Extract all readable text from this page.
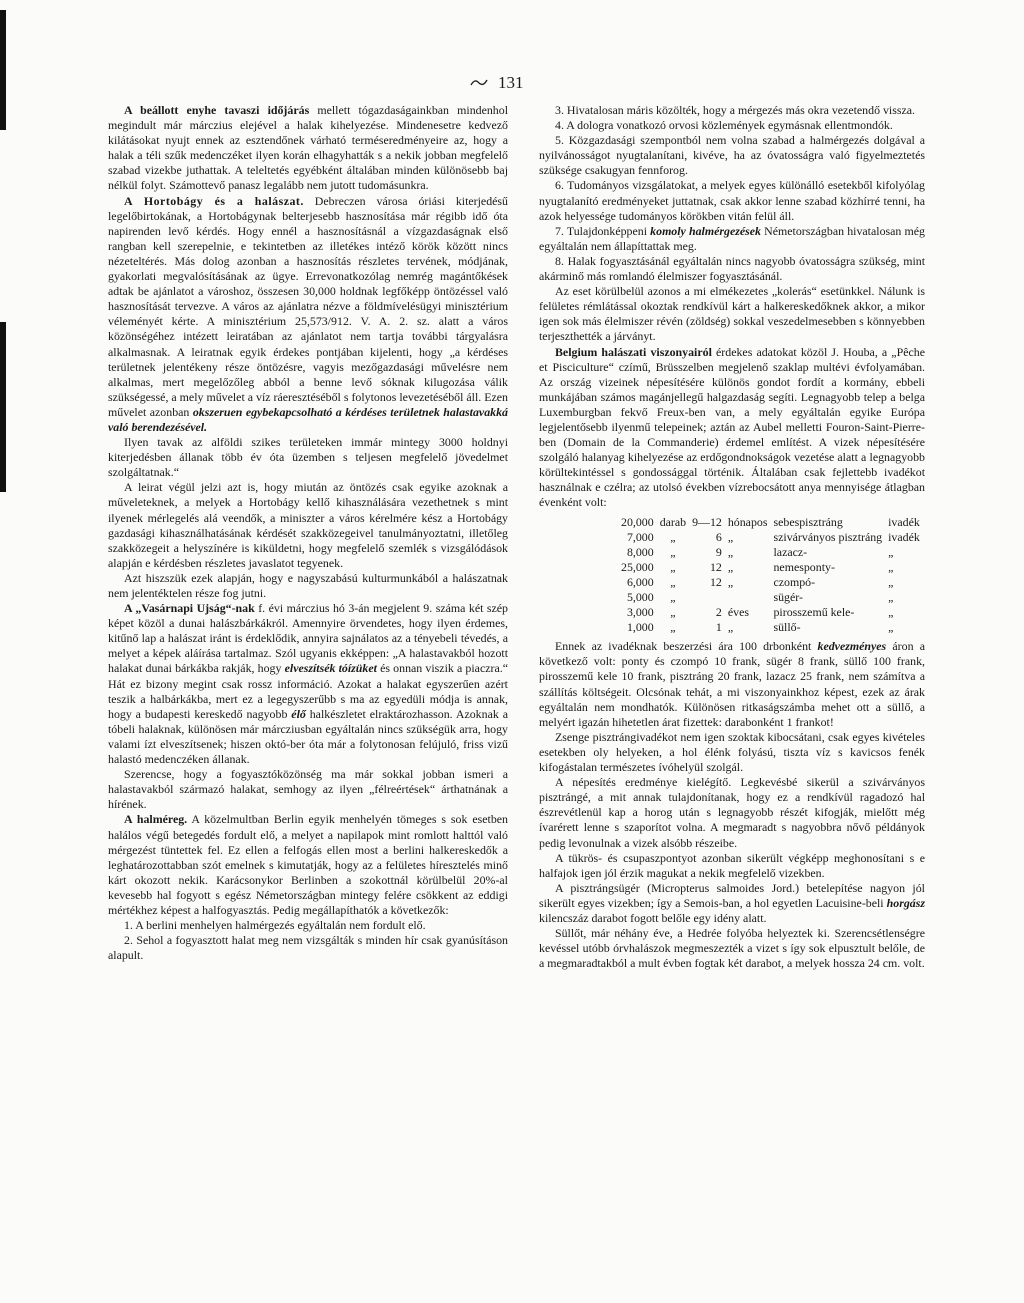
131

A beállott enyhe tavaszi időjárás mellett tógazdaságainkban mindenhol megindult már márczius elejével a halak kihelyezése. Mindenesetre kedvező kilátásokat nyujt ennek az esztendőnek várható terméseredményeire az, hogy a halak a téli szűk medenczéket ilyen korán elhagyhatták s a nekik jobban megfelelő szabad vizekbe juthattak. A teleltetés egyébként általában minden különösebb baj nélkül folyt. Számottevő panasz legalább nem jutott tudomásunkra.

A Hortobágy és a halászat. Debreczen városa óriási kiterjedésű legelőbirtokának, a Hortobágynak belterjesebb hasznosítása már régibb idő óta napirenden levő kérdés. Hogy ennél a hasznosításnál a vízgazdaságnak első rangban kell szerepelnie, e tekintetben az illetékes intéző körök között nincs nézeteltérés. Más dolog azonban a hasznosítás részletes tervének, módjának, gyakorlati megvalósításának az ügye. Errevonatkozólag nemrég magántőkések adtak be ajánlatot a városhoz, összesen 30,000 holdnak legfőképp öntözéssel való hasznosítását tervezve. A város az ajánlatra nézve a földmívelésügyi minisztérium véleményét kérte. A minisztérium 25,573/912. V. A. 2. sz. alatt a város közönségéhez intézett leiratában az ajánlatot nem tartja további tárgyalásra alkalmasnak. A leiratnak egyik érdekes pontjában kijelenti, hogy „a kérdéses területnek jelentékeny része öntözésre, vagyis mezőgazdasági művelésre nem alkalmas, mert megelőzőleg abból a benne levő sóknak kilugozása válik szükségessé, a mely művelet a víz ráeresztéséből s folytonos levezetéséből áll. Ezen művelet azonban okszeruen egybekapcsolható a kérdéses területnek halastavakká való berendezésével.

Ilyen tavak az alföldi szikes területeken immár mintegy 3000 holdnyi kiterjedésben állanak több év óta üzemben s teljesen megfelelő jövedelmet szolgáltatnak.“

A leirat végül jelzi azt is, hogy miután az öntözés csak egyike azoknak a műveleteknek, a melyek a Hortobágy kellő kihasználására vezethetnek s mint ilyenek mérlegelés alá veendők, a miniszter a város kérelmére kész a Hortobágy gazdasági kihasználhatásának kérdését szakközegeivel tanulmányoztatni, illetőleg szakközegeit a helyszínére is kiküldetni, hogy megfelelő szemlék s vizsgálódások alapján e kérdésben részletes javaslatot tegyenek.

Azt hiszszük ezek alapján, hogy e nagyszabású kulturmunkából a halászatnak nem jelentéktelen része fog jutni.

A „Vasárnapi Ujság“-nak f. évi márczius hó 3-án megjelent 9. száma két szép képet közöl a dunai halászbárkákról. Amennyire örvendetes, hogy ilyen érdemes, kitűnő lap a halászat iránt is érdeklődik, annyira sajnálatos az a tényebeli tévedés, a melyet a képek aláírása tartalmaz. Szól ugyanis ekképpen: „A halastavakból hozott halakat dunai bárkákba rakják, hogy elveszítsék tóízüket és onnan viszik a piaczra.“ Hát ez bizony megint csak rossz információ. Azokat a halakat egyszerűen azért teszik a halbárkákba, mert ez a legegyszerűbb s ma az egyedüli módja is annak, hogy a budapesti kereskedő nagyobb élő halkészletet elraktározhasson. Azoknak a tóbeli halaknak, különösen már márcziusban egyáltalán nincs szükségük arra, hogy valami ízt elveszítsenek; hiszen októ-ber óta már a folytonosan felújuló, friss vizű halastó medenczéken állanak.

Szerencse, hogy a fogyasztóközönség ma már sokkal jobban ismeri a halastavakból származó halakat, semhogy az ilyen „félreértések“ árthatnának a hírének.

A halméreg. A közelmultban Berlin egyik menhelyén tömeges s sok esetben halálos végű betegedés fordult elő, a melyet a napilapok mint romlott halttól való mérgezést tüntettek fel. Ez ellen a felfogás ellen most a berlini halkereskedők a leghatározottabban szót emelnek s kimutatják, hogy az a felületes híresztelés minő kárt okozott nekik. Karácsonykor Berlinben a szokottnál körülbelül 20%-al kevesebb hal fogyott s egész Németországban mintegy felére csökkent az eddigi mértékhez képest a halfogyasztás. Pedig megállapíthatók a következők:

1. A berlini menhelyen halmérgezés egyáltalán nem fordult elő.

2. Sehol a fogyasztott halat meg nem vizsgálták s minden hír csak gyanúsításon alapult.

3. Hivatalosan máris közölték, hogy a mérgezés más okra vezetendő vissza.

4. A dologra vonatkozó orvosi közlemények egymásnak ellentmondók.

5. Közgazdasági szempontból nem volna szabad a halmérgezés dolgával a nyilvánosságot nyugtalanítani, kivéve, ha az óvatosságra való figyelmeztetés szüksége csakugyan fennforog.

6. Tudományos vizsgálatokat, a melyek egyes különálló esetekből kifolyólag nyugtalanító eredményeket juttatnak, csak akkor lenne szabad közhírré tenni, ha azok helyessége tudományos körökben vitán felül áll.

7. Tulajdonképpeni komoly halmérgezések Németországban hivatalosan még egyáltalán nem állapíttattak meg.

8. Halak fogyasztásánál egyáltalán nincs nagyobb óvatosságra szükség, mint akárminő más romlandó élelmiszer fogyasztásánál.

Az eset körülbelül azonos a mi elmékezetes „kolerás“ esetünkkel. Nálunk is felületes rémlátással okoztak rendkívül kárt a halkereskedőknek akkor, a mikor igen sok más élelmiszer révén (zöldség) sokkal veszedelmesebben s könnyebben terjeszthették a járványt.

Belgium halászati viszonyairól érdekes adatokat közöl J. Houba, a „Pêche et Pisciculture“ czímű, Brüsszelben megjelenő szaklap multévi évfolyamában. Az ország vizeinek népesítésére különös gondot fordít a kormány, ebbeli munkájában számos magánjellegű halgazdaság segíti. Legnagyobb telep a belga Luxemburgban fekvő Freux-ben van, a mely egyáltalán egyike Európa legjelentősebb ilyenmű telepeinek; aztán az Aubel melletti Fouron-Saint-Pierre-ben (Domain de la Commanderie) érdemel említést. A vizek népesítésére szolgáló halanyag kihelyezése az erdőgondnokságok vezetése alatt a legnagyobb körültekintéssel s gondossággal történik. Általában csak fejlettebb ivadékot használnak e czélra; az utolsó években vízrebocsátott anya mennyisége átlagban évenként volt:

20,000	darab	9—12	hónapos	sebespisztráng	ivadék
7,000	„	6	„	szivárványos pisztráng	ivadék
8,000	„	9	„	lazacz-	„
25,000	„	12	„	nemesponty-	„
6,000	„	12	„	czompó-	„
5,000	„			sügér-	„
3,000	„	2	éves	pirosszemű kele-	„
1,000	„	1	„	süllő-	„

Ennek az ivadéknak beszerzési ára 100 drbonként kedvezményes áron a következő volt: ponty és czompó 10 frank, sügér 8 frank, süllő 100 frank, pirosszemű kele 10 frank, pisztráng 20 frank, lazacz 25 frank, nem számítva a szállítás költségeit. Olcsónak tehát, a mi viszonyainkhoz képest, ezek az árak egyáltalán nem mondhatók. Különösen ritkaságszámba mehet ott a süllő, a melyért igazán hihetetlen árat fizettek: darabonként 1 frankot!

Zsenge pisztrángivadékot nem igen szoktak kibocsátani, csak egyes kivételes esetekben oly helyeken, a hol élénk folyású, tiszta víz s kavicsos fenék kifogástalan természetes ívóhelyül szolgál.

A népesítés eredménye kielégítő. Legkevésbé sikerül a szivárványos pisztrángé, a mit annak tulajdonítanak, hogy ez a rendkívül ragadozó hal észrevétlenül kap a horog után s legnagyobb részét kifogják, mielőtt még ívarérett lenne s szaporítot volna. A megmaradt s nagyobbra nővő példányok pedig levonulnak a vizek alsóbb részeibe.

A tükrös- és csupaszpontyot azonban sikerült végképp meghonosítani s e halfajok igen jól érzik magukat a nekik megfelelő vizekben.

A pisztrángsügér (Micropterus salmoides Jord.) betelepítése nagyon jól sikerült egyes vizekben; így a Semois-ban, a hol egyetlen Lacuisine-beli horgász kilencszáz darabot fogott belőle egy idény alatt.

Süllőt, már néhány éve, a Hedrée folyóba helyeztek ki. Szerencsétlenségre kevéssel utóbb órvhalászok megmeszezték a vizet s így sok elpusztult belőle, de a megmaradtakból a mult évben fogtak két darabot, a melyek hossza 24 cm. volt.
